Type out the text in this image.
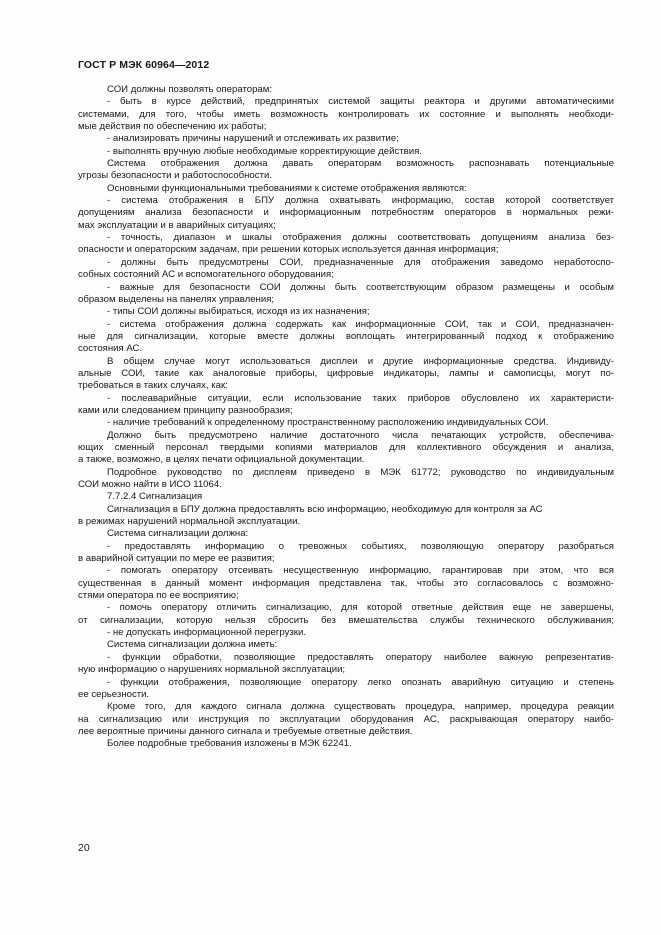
ГОСТ Р МЭК 60964—2012
СОИ должны позволять операторам:
- быть в курсе действий, предпринятых системой защиты реактора и другими автоматическими
системами, для того, чтобы иметь возможность контролировать их состояние и выполнять необходи-
мые действия по обеспечению их работы;
- анализировать причины нарушений и отслеживать их развитие;
- выполнять вручную любые необходимые корректирующие действия.
Система отображения должна давать операторам возможность распознавать потенциальные
угрозы безопасности и работоспособности.
Основными функциональными требованиями к системе отображения являются:
- система отображения в БПУ должна охватывать информацию, состав которой соответствует
допущениям анализа безопасности и информационным потребностям операторов в нормальных режи-
мах эксплуатации и в аварийных ситуациях;
- точность, диапазон и шкалы отображения должны соответствовать допущениям анализа без-
опасности и операторским задачам, при решении которых используется данная информация;
- должны быть предусмотрены СОИ, предназначенные для отображения заведомо неработоспо-
собных состояний АС и вспомогательного оборудования;
- важные для безопасности СОИ должны быть соответствующим образом размещены и особым
образом выделены на панелях управления;
- типы СОИ должны выбираться, исходя из их назначения;
- система отображения должна содержать как информационные СОИ, так и СОИ, предназначен-
ные для сигнализации, которые вместе должны воплощать интегрированный подход к отображению
состояния АС.
В общем случае могут использоваться дисплеи и другие информационные средства. Индивиду-
альные СОИ, такие как аналоговые приборы, цифровые индикаторы, лампы и самописцы, могут по-
требоваться в таких случаях, как:
- послеаварийные ситуации, если использование таких приборов обусловлено их характеристи-
ками или следованием принципу разнообразия;
- наличие требований к определенному пространственному расположению индивидуальных СОИ.
Должно быть предусмотрено наличие достаточного числа печатающих устройств, обеспечива-
ющих сменный персонал твердыми копиями материалов для коллективного обсуждения и анализа,
а также, возможно, в целях печати официальной документации.
Подробное руководство по дисплеям приведено в МЭК 61772; руководство по индивидуальным
СОИ можно найти в ИСО 11064.
7.7.2.4 Сигнализация
Сигнализация в БПУ должна предоставлять всю информацию, необходимую для контроля за АС
в режимах нарушений нормальной эксплуатации.
Система сигнализации должна:
- предоставлять информацию о тревожных событиях, позволяющую оператору разобраться
в аварийной ситуации по мере ее развития;
- помогать оператору отсеивать несущественную информацию, гарантировав при этом, что вся
существенная в данный момент информация представлена так, чтобы это согласовалось с возможно-
стями оператора по ее восприятию;
- помочь оператору отличить сигнализацию, для которой ответные действия еще не завершены,
от сигнализации, которую нельзя сбросить без вмешательства службы технического обслуживания;
- не допускать информационной перегрузки.
Система сигнализации должна иметь:
- функции обработки, позволяющие предоставлять оператору наиболее важную репрезентатив-
ную информацию о нарушениях нормальной эксплуатации;
- функции отображения, позволяющие оператору легко опознать аварийную ситуацию и степень
ее серьезности.
Кроме того, для каждого сигнала должна существовать процедура, например, процедура реакции
на сигнализацию или инструкция по эксплуатации оборудования АС, раскрывающая оператору наибо-
лее вероятные причины данного сигнала и требуемые ответные действия.
Более подробные требования изложены в МЭК 62241.
20
